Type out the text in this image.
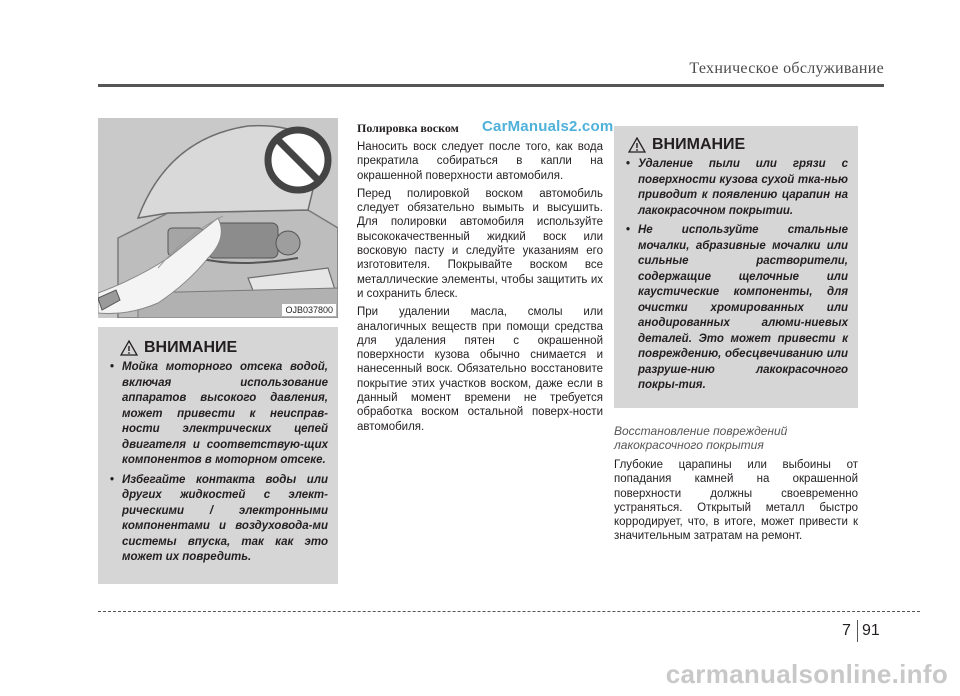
Техническое обслуживание
OJB037800
ВНИМАНИЕ
• Мойка моторного отсека водой, включая использование аппаратов высокого давления, может привести к неисправ-ности электрических цепей двигателя и соответствую-щих компонентов в моторном отсеке.
• Избегайте контакта воды или других жидкостей с элект-рическими / электронными компонентами и воздуховода-ми системы впуска, так как это может их повредить.
Полировка воском

Наносить воск следует после того, как вода прекратила собираться в капли на окрашенной поверхности автомобиля.

Перед полировкой воском автомобиль следует обязательно вымыть и высушить. Для полировки автомобиля используйте высококачественный жидкий воск или восковую пасту и следуйте указаниям его изготовителя. Покрывайте воском все металлические элементы, чтобы защитить их и сохранить блеск.

При удалении масла, смолы или аналогичных веществ при помощи средства для удаления пятен с окрашенной поверхности кузова обычно снимается и нанесенный воск. Обязательно восстановите покрытие этих участков воском, даже если в данный момент времени не требуется обработка воском остальной поверх-ности автомобиля.

CarManuals2.com
ВНИМАНИЕ
• Удаление пыли или грязи с поверхности кузова сухой тка-нью приводит к появлению царапин на лакокрасочном покрытии.
• Не используйте стальные мочалки, абразивные мочалки или сильные растворители, содержащие щелочные или каустические компоненты, для очистки хромированных или анодированных алюми-ниевых деталей. Это может привести к повреждению, обесцвечиванию или разруше-нию лакокрасочного покры-тия.
Восстановление повреждений лакокрасочного покрытия

Глубокие царапины или выбоины от попадания камней на окрашенной поверхности должны своевременно устраняться. Открытый металл быстро корродирует, что, в итоге, может привести к значительным затратам на ремонт.

7 91
carmanualsonline.info
